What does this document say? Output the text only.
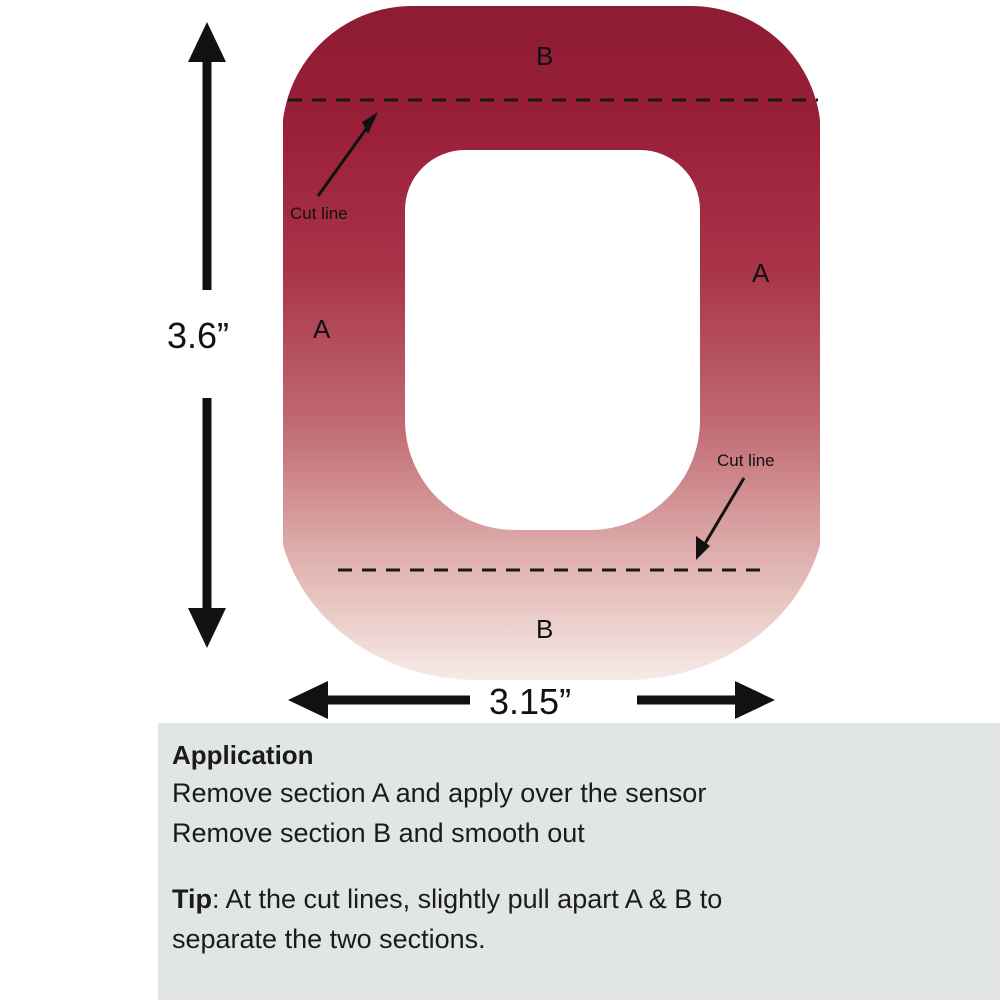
Cut line
Cut line
B
B
A
A
3.6”
3.15”
Application
Remove section A and apply over the sensor
Remove section B and smooth out
Tip: At the cut lines, slightly pull apart A & B to
separate the two sections.
